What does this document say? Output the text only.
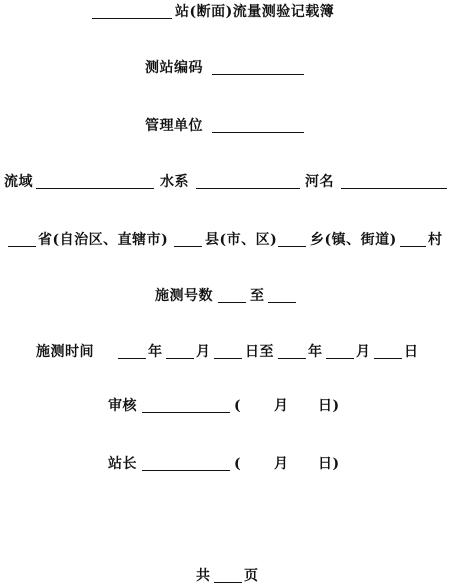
站(断面)流量测验记载簿
测站编码
管理单位
流域	水系	河名
省(自治区、直辖市)	县(市、区) 乡(镇、街道) 村
施测号数	至
施测时间	年 月 日至 年 月 日
审核	( 月 日)
站长	( 月 日)
共 页
